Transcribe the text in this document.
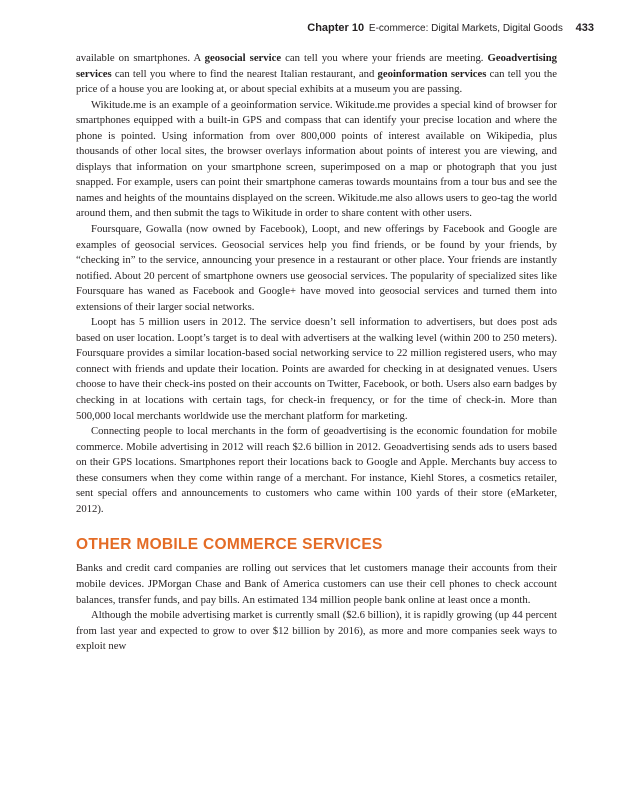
Chapter 10 E-commerce: Digital Markets, Digital Goods 433

available on smartphones. A geosocial service can tell you where your friends are meeting. Geoadvertising services can tell you where to find the nearest Italian restaurant, and geoinformation services can tell you the price of a house you are looking at, or about special exhibits at a museum you are passing.

Wikitude.me is an example of a geoinformation service. Wikitude.me provides a special kind of browser for smartphones equipped with a built-in GPS and compass that can identify your precise location and where the phone is pointed. Using information from over 800,000 points of interest available on Wikipedia, plus thousands of other local sites, the browser overlays information about points of interest you are viewing, and displays that information on your smartphone screen, superimposed on a map or photograph that you just snapped. For example, users can point their smartphone cameras towards mountains from a tour bus and see the names and heights of the mountains displayed on the screen. Wikitude.me also allows users to geo-tag the world around them, and then submit the tags to Wikitude in order to share content with other users.

Foursquare, Gowalla (now owned by Facebook), Loopt, and new offerings by Facebook and Google are examples of geosocial services. Geosocial services help you find friends, or be found by your friends, by “checking in” to the service, announcing your presence in a restaurant or other place. Your friends are instantly notified. About 20 percent of smartphone owners use geosocial services. The popularity of specialized sites like Foursquare has waned as Facebook and Google+ have moved into geosocial services and turned them into extensions of their larger social networks.

Loopt has 5 million users in 2012. The service doesn’t sell information to advertisers, but does post ads based on user location. Loopt’s target is to deal with advertisers at the walking level (within 200 to 250 meters). Foursquare provides a similar location-based social networking service to 22 million registered users, who may connect with friends and update their location. Points are awarded for checking in at designated venues. Users choose to have their check-ins posted on their accounts on Twitter, Facebook, or both. Users also earn badges by checking in at locations with certain tags, for check-in frequency, or for the time of check-in. More than 500,000 local merchants worldwide use the merchant platform for marketing.

Connecting people to local merchants in the form of geoadvertising is the economic foundation for mobile commerce. Mobile advertising in 2012 will reach $2.6 billion in 2012. Geoadvertising sends ads to users based on their GPS locations. Smartphones report their locations back to Google and Apple. Merchants buy access to these consumers when they come within range of a merchant. For instance, Kiehl Stores, a cosmetics retailer, sent special offers and announcements to customers who came within 100 yards of their store (eMarketer, 2012).

OTHER MOBILE COMMERCE SERVICES

Banks and credit card companies are rolling out services that let customers manage their accounts from their mobile devices. JPMorgan Chase and Bank of America customers can use their cell phones to check account balances, transfer funds, and pay bills. An estimated 134 million people bank online at least once a month.

Although the mobile advertising market is currently small ($2.6 billion), it is rapidly growing (up 44 percent from last year and expected to grow to over $12 billion by 2016), as more and more companies seek ways to exploit new
